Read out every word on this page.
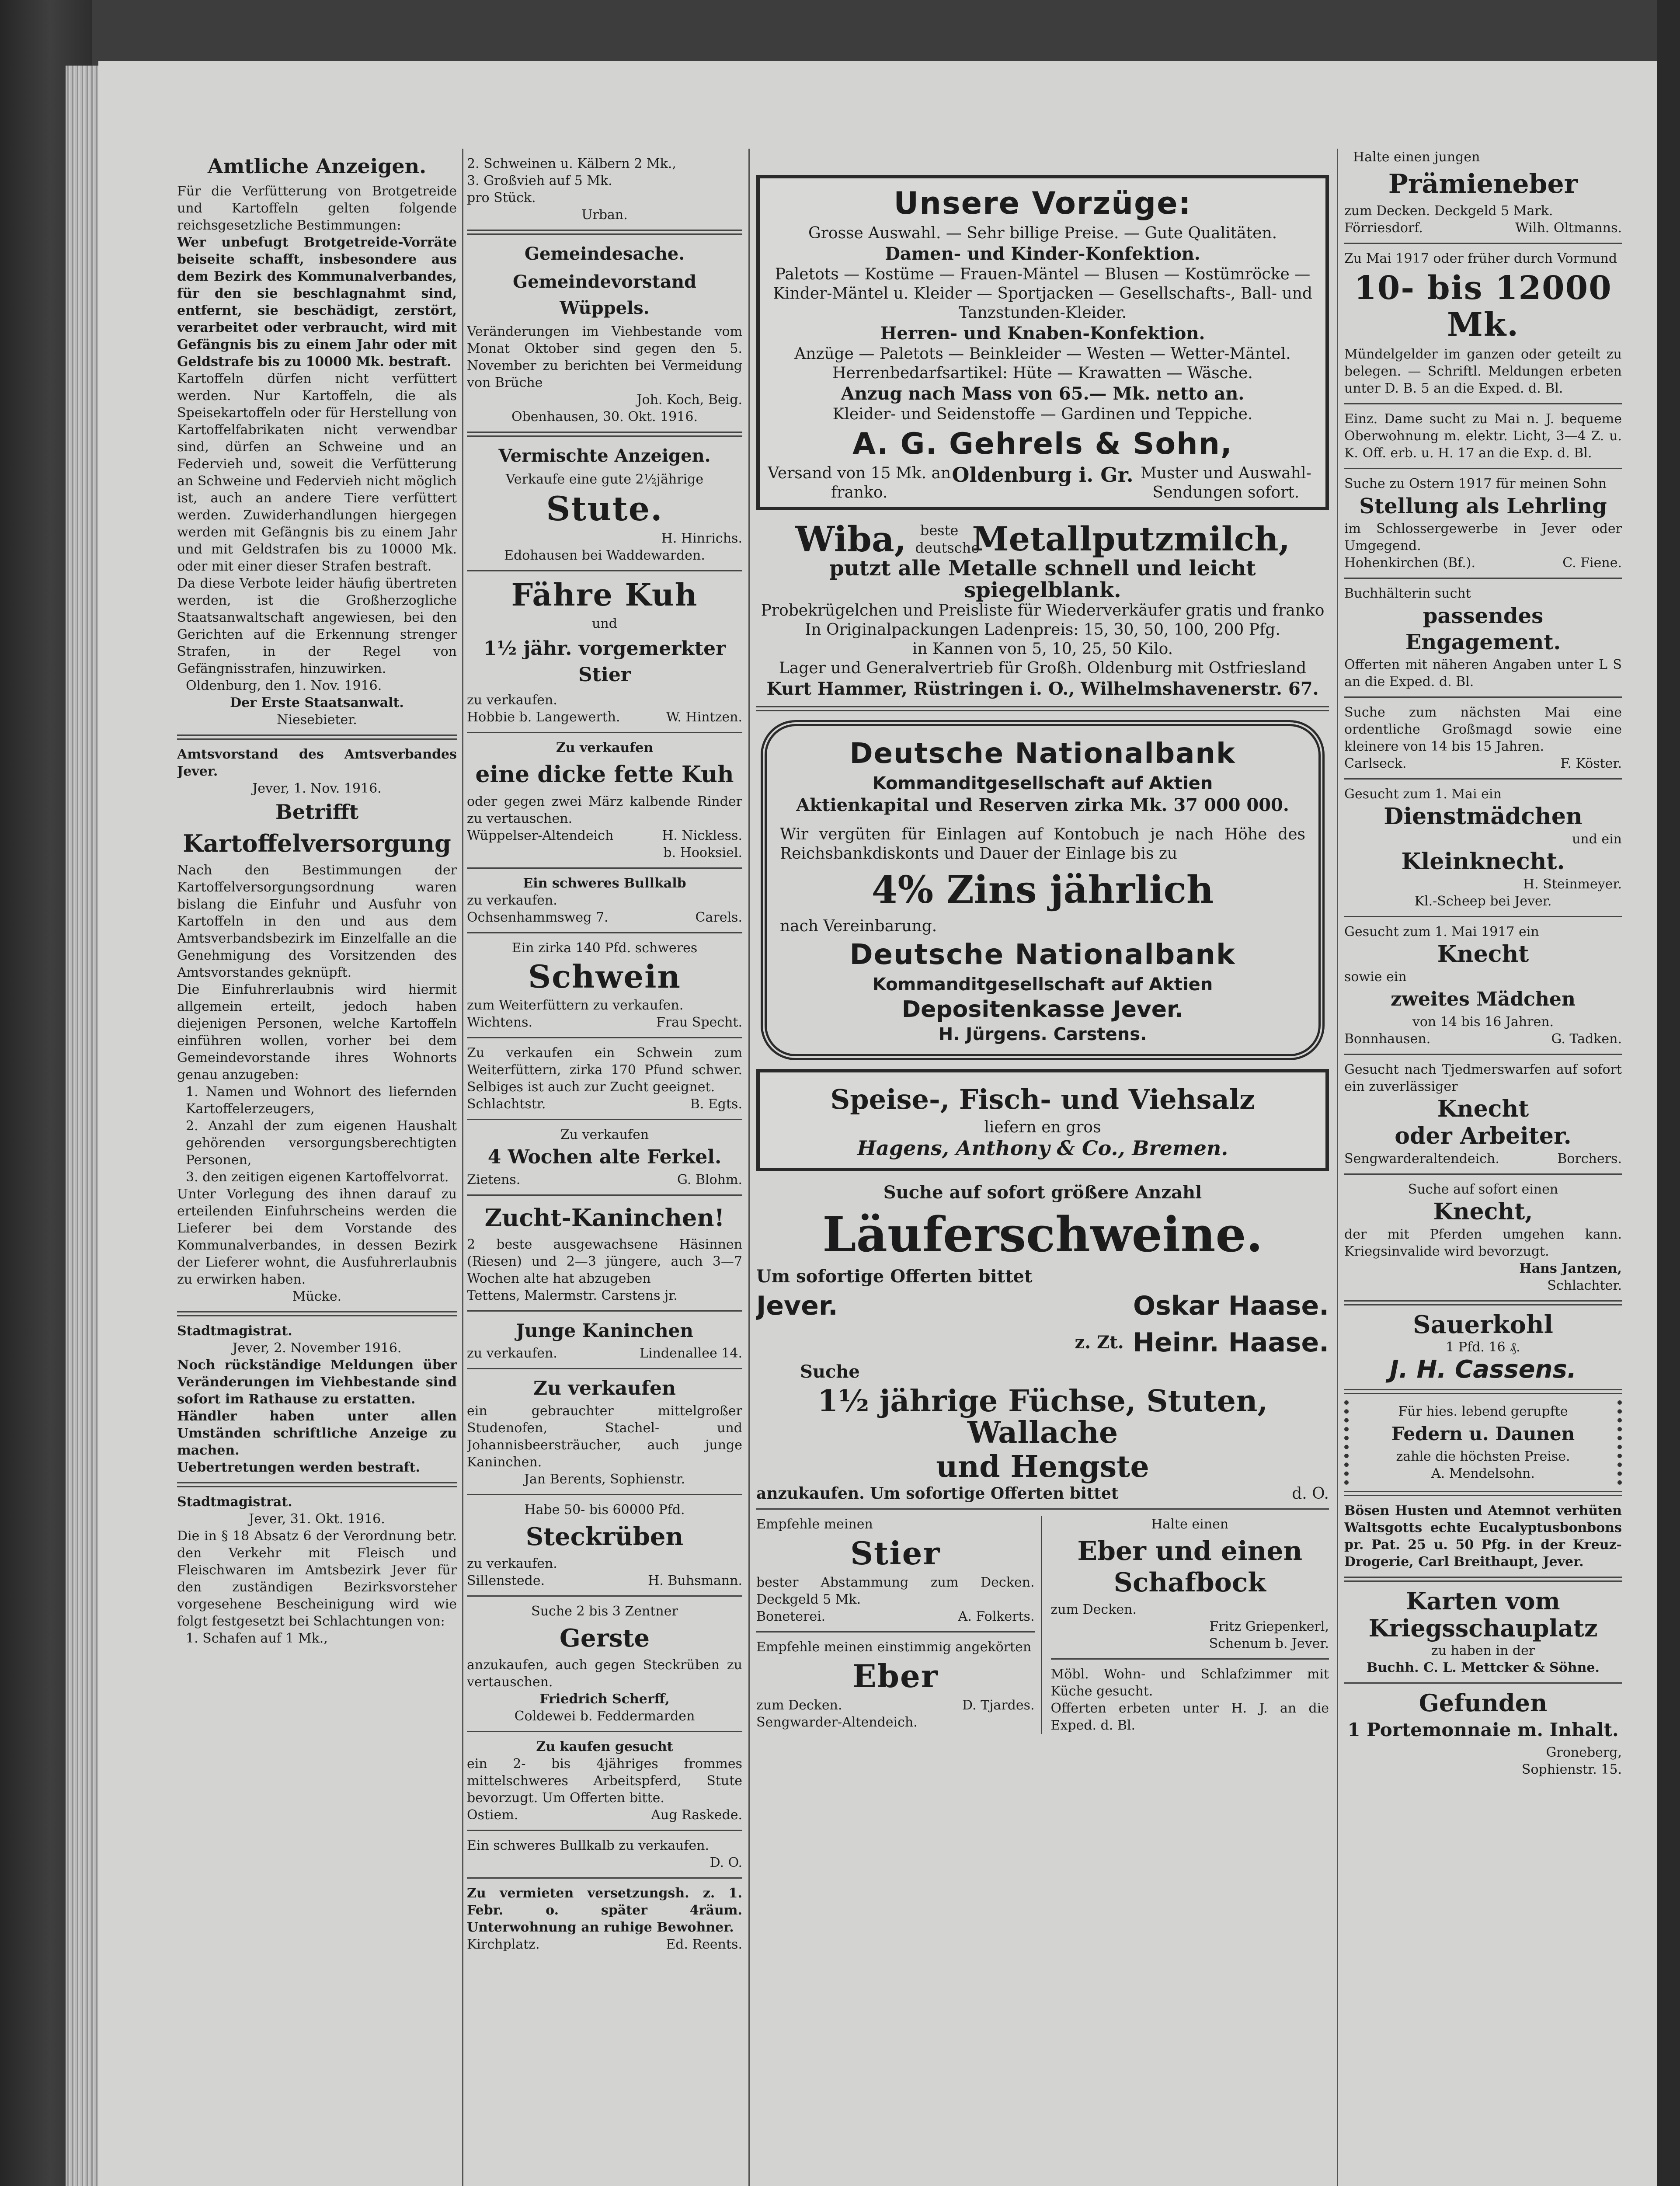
Amtliche Anzeigen.

Für die Verfütterung von Brotgetreide und Kartoffeln gelten folgende reichsgesetzliche Bestimmungen:

Wer unbefugt Brotgetreide-Vorräte beiseite schafft, insbesondere aus dem Bezirk des Kommunalverbandes, für den sie beschlagnahmt sind, entfernt, sie beschädigt, zerstört, verarbeitet oder verbraucht, wird mit Gefängnis bis zu einem Jahr oder mit Geldstrafe bis zu 10000 Mk. bestraft.

Kartoffeln dürfen nicht verfüttert werden. Nur Kartoffeln, die als Speisekartoffeln oder für Herstellung von Kartoffelfabrikaten nicht verwendbar sind, dürfen an Schweine und an Federvieh und, soweit die Verfütterung an Schweine und Federvieh nicht möglich ist, auch an andere Tiere verfüttert werden. Zuwiderhandlungen hiergegen werden mit Gefängnis bis zu einem Jahr und mit Geldstrafen bis zu 10000 Mk. oder mit einer dieser Strafen bestraft.

Da diese Verbote leider häufig übertreten werden, ist die Großherzogliche Staatsanwaltschaft angewiesen, bei den Gerichten auf die Erkennung strenger Strafen, in der Regel von Gefängnisstrafen, hinzuwirken.

Oldenburg, den 1. Nov. 1916.

Der Erste Staatsanwalt.

Niesebieter.

Amtsvorstand des Amtsverbandes Jever.

Jever, 1. Nov. 1916.

Betrifft
Kartoffelversorgung

Nach den Bestimmungen der Kartoffelversorgungsordnung waren bislang die Einfuhr und Ausfuhr von Kartoffeln in den und aus dem Amtsverbandsbezirk im Einzelfalle an die Genehmigung des Vorsitzenden des Amtsvorstandes geknüpft.

Die Einfuhrerlaubnis wird hiermit allgemein erteilt, jedoch haben diejenigen Personen, welche Kartoffeln einführen wollen, vorher bei dem Gemeindevorstande ihres Wohnorts genau anzugeben:

1. Namen und Wohnort des liefernden Kartoffelerzeugers,

2. Anzahl der zum eigenen Haushalt gehörenden versorgungsberechtigten Personen,

3. den zeitigen eigenen Kartoffelvorrat.

Unter Vorlegung des ihnen darauf zu erteilenden Einfuhrscheins werden die Lieferer bei dem Vorstande des Kommunalverbandes, in dessen Bezirk der Lieferer wohnt, die Ausfuhrerlaubnis zu erwirken haben.

Mücke.

Stadtmagistrat.

Jever, 2. November 1916.

Noch rückständige Meldungen über Veränderungen im Viehbestande sind sofort im Rathause zu erstatten.

Händler haben unter allen Umständen schriftliche Anzeige zu machen.

Uebertretungen werden bestraft.

Stadtmagistrat.

Jever, 31. Okt. 1916.

Die in § 18 Absatz 6 der Verordnung betr. den Verkehr mit Fleisch und Fleischwaren im Amtsbezirk Jever für den zuständigen Bezirksvorsteher vorgesehene Bescheinigung wird wie folgt festgesetzt bei Schlachtungen von:

1. Schafen auf 1 Mk.,

2. Schweinen u. Kälbern 2 Mk.,

3. Großvieh auf 5 Mk.

pro Stück.

Urban.

Gemeindesache.
Gemeindevorstand Wüppels.

Veränderungen im Viehbestande vom Monat Oktober sind gegen den 5. November zu berichten bei Vermeidung von Brüche

Joh. Koch, Beig.

Obenhausen, 30. Okt. 1916.

Vermischte Anzeigen.

Verkaufe eine gute 2½jährige

Stute.

H. Hinrichs.

Edohausen bei Waddewarden.

Fähre Kuh

und

1½ jähr. vorgemerkter Stier

zu verkaufen.

Hobbie b. Langewerth.	W. Hintzen.

Zu verkaufen

eine dicke fette Kuh

oder gegen zwei März kalbende Rinder zu vertauschen.

Wüppelser-Altendeich	H. Nickless.

b. Hooksiel.

Ein schweres Bullkalb

zu verkaufen.

Ochsenhammsweg 7.	Carels.

Ein zirka 140 Pfd. schweres

Schwein

zum Weiterfüttern zu verkaufen.

Wichtens.	Frau Specht.

Zu verkaufen ein Schwein zum Weiterfüttern, zirka 170 Pfund schwer. Selbiges ist auch zur Zucht geeignet.

Schlachtstr.	B. Egts.

Zu verkaufen

4 Wochen alte Ferkel.
Zietens.	G. Blohm.
Zucht-Kaninchen!

2 beste ausgewachsene Häsinnen (Riesen) und 2—3 jüngere, auch 3—7 Wochen alte hat abzugeben

Tettens, Malermstr. Carstens jr.

Junge Kaninchen
zu verkaufen.	Lindenallee 14.
Zu verkaufen

ein gebrauchter mittelgroßer Studenofen, Stachel- und Johannisbeersträucher, auch junge Kaninchen.

Jan Berents, Sophienstr.

Habe 50- bis 60000 Pfd.

Steckrüben

zu verkaufen.

Sillenstede.	H. Buhsmann.

Suche 2 bis 3 Zentner

Gerste

anzukaufen, auch gegen Steckrüben zu vertauschen.

Friedrich Scherff,

Coldewei b. Feddermarden

Zu kaufen gesucht

ein 2- bis 4jähriges frommes mittelschweres Arbeitspferd, Stute bevorzugt. Um Offerten bitte.

Ostiem.	Aug Raskede.

Ein schweres Bullkalb zu verkaufen.

D. O.

Zu vermieten versetzungsh. z. 1. Febr. o. später 4räum. Unterwohnung an ruhige Bewohner.

Kirchplatz.	Ed. Reents.
Unsere Vorzüge:

Grosse Auswahl. — Sehr billige Preise. — Gute Qualitäten.

Damen- und Kinder-Konfektion.

Paletots — Kostüme — Frauen-Mäntel — Blusen — Kostümröcke — Kinder-Mäntel u. Kleider — Sportjacken — Gesellschafts-, Ball- und Tanzstunden-Kleider.

Herren- und Knaben-Konfektion.

Anzüge — Paletots — Beinkleider — Westen — Wetter-Mäntel.

Herrenbedarfsartikel: Hüte — Krawatten — Wäsche.

Anzug nach Mass von 65.— Mk. netto an.

Kleider- und Seidenstoffe — Gardinen und Teppiche.

A. G. Gehrels & Sohn,

Versand von 15 Mk. an franko.

Oldenburg i. Gr. Muster und Auswahl-Sendungen sofort.

Wiba, beste deutsche
Metallputzmilch,

putzt alle Metalle schnell und leicht spiegelblank.

Probekrügelchen und Preisliste für Wiederverkäufer gratis und franko

In Originalpackungen Ladenpreis: 15, 30, 50, 100, 200 Pfg.

in Kannen von 5, 10, 25, 50 Kilo.

Lager und Generalvertrieb für Großh. Oldenburg mit Ostfriesland

Kurt Hammer, Rüstringen i. O., Wilhelmshavenerstr. 67.

Deutsche Nationalbank

Kommanditgesellschaft auf Aktien

Aktienkapital und Reserven zirka Mk. 37 000 000.

Wir vergüten für Einlagen auf Kontobuch je nach Höhe des Reichsbankdiskonts und Dauer der Einlage bis zu

4% Zins jährlich

nach Vereinbarung.

Deutsche Nationalbank

Kommanditgesellschaft auf Aktien

Depositenkasse Jever.

H. Jürgens. Carstens.

Speise-, Fisch- und Viehsalz

liefern en gros

Hagens, Anthony & Co., Bremen.

Suche auf sofort größere Anzahl

Läuferschweine.

Um sofortige Offerten bittet

Jever.	Oskar Haase.
z. Zt. Heinr. Haase.

Suche

1½ jährige Füchse, Stuten, Wallache
und Hengste
anzukaufen. Um sofortige Offerten bittet	d. O.

Empfehle meinen

Stier

bester Abstammung zum Decken. Deckgeld 5 Mk.

Boneterei.	A. Folkerts.

Empfehle meinen einstimmig angekörten

Eber
zum Decken.	D. Tjardes.

Sengwarder-Altendeich.

Halte einen

Eber und einen Schafbock

zum Decken.

Fritz Griepenkerl,

Schenum b. Jever.

Möbl. Wohn- und Schlafzimmer mit Küche gesucht.

Offerten erbeten unter H. J. an die Exped. d. Bl.

Halte einen jungen

Prämieneber

zum Decken. Deckgeld 5 Mark.

Förriesdorf.	Wilh. Oltmanns.

Zu Mai 1917 oder früher durch Vormund

10- bis 12000 Mk.

Mündelgelder im ganzen oder geteilt zu belegen. — Schriftl. Meldungen erbeten unter D. B. 5 an die Exped. d. Bl.

Einz. Dame sucht zu Mai n. J. bequeme Oberwohnung m. elektr. Licht, 3—4 Z. u. K. Off. erb. u. H. 17 an die Exp. d. Bl.

Suche zu Ostern 1917 für meinen Sohn

Stellung als Lehrling

im Schlossergewerbe in Jever oder Umgegend.

Hohenkirchen (Bf.).	C. Fiene.

Buchhälterin sucht

passendes Engagement.

Offerten mit näheren Angaben unter L S an die Exped. d. Bl.

Suche zum nächsten Mai eine ordentliche Großmagd sowie eine kleinere von 14 bis 15 Jahren.

Carlseck.	F. Köster.

Gesucht zum 1. Mai ein

Dienstmädchen

und ein

Kleinknecht.

H. Steinmeyer.

Kl.-Scheep bei Jever.

Gesucht zum 1. Mai 1917 ein

Knecht

sowie ein

zweites Mädchen

von 14 bis 16 Jahren.

Bonnhausen.	G. Tadken.

Gesucht nach Tjedmerswarfen auf sofort ein zuverlässiger

Knecht
oder Arbeiter.
Sengwarderaltendeich.	Borchers.

Suche auf sofort einen

Knecht,

der mit Pferden umgehen kann. Kriegsinvalide wird bevorzugt.

Hans Jantzen,

Schlachter.

Sauerkohl

1 Pfd. 16 ₰.

J. H. Cassens.

Für hies. lebend gerupfte

Federn u. Daunen

zahle die höchsten Preise.

A. Mendelsohn.

Bösen Husten und Atemnot verhüten Waltsgotts echte Eucalyptusbonbons pr. Pat. 25 u. 50 Pfg. in der Kreuz-Drogerie, Carl Breithaupt, Jever.

Karten vom
Kriegsschauplatz

zu haben in der

Buchh. C. L. Mettcker & Söhne.

Gefunden
1 Portemonnaie m. Inhalt.

Groneberg,

Sophienstr. 15.
